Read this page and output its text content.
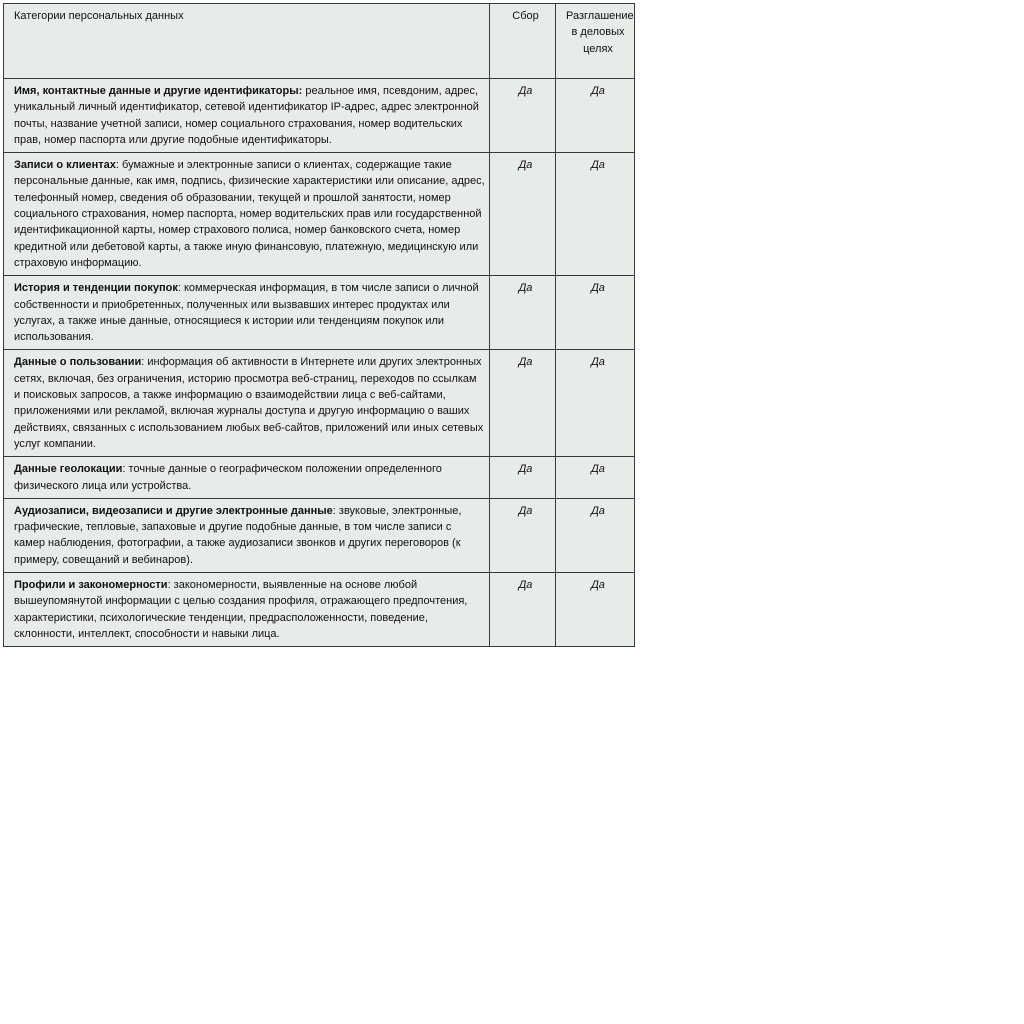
Категории персональных данных	Сбор	Разглашение в деловых целях
Имя, контактные данные и другие идентификаторы: реальное имя, псевдоним, адрес, уникальный личный идентификатор, сетевой идентификатор IP-адрес, адрес электронной почты, название учетной записи, номер социального страхования, номер водительских прав, номер паспорта или другие подобные идентификаторы.	Да	Да
Записи о клиентах: бумажные и электронные записи о клиентах, содержащие такие персональные данные, как имя, подпись, физические характеристики или описание, адрес, телефонный номер, сведения об образовании, текущей и прошлой занятости, номер социального страхования, номер паспорта, номер водительских прав или государственной идентификационной карты, номер страхового полиса, номер банковского счета, номер кредитной или дебетовой карты, а также иную финансовую, платежную, медицинскую или страховую информацию.	Да	Да
История и тенденции покупок: коммерческая информация, в том числе записи о личной собственности и приобретенных, полученных или вызвавших интерес продуктах или услугах, а также иные данные, относящиеся к истории или тенденциям покупок или использования.	Да	Да
Данные о пользовании: информация об активности в Интернете или других электронных сетях, включая, без ограничения, историю просмотра веб-страниц, переходов по ссылкам и поисковых запросов, а также информацию о взаимодействии лица с веб-сайтами, приложениями или рекламой, включая журналы доступа и другую информацию о ваших действиях, связанных с использованием любых веб-сайтов, приложений или иных сетевых услуг компании.	Да	Да
Данные геолокации: точные данные о географическом положении определенного физического лица или устройства.	Да	Да
Аудиозаписи, видеозаписи и другие электронные данные: звуковые, электронные, графические, тепловые, запаховые и другие подобные данные, в том числе записи с камер наблюдения, фотографии, а также аудиозаписи звонков и других переговоров (к примеру, совещаний и вебинаров).	Да	Да
Профили и закономерности: закономерности, выявленные на основе любой вышеупомянутой информации с целью создания профиля, отражающего предпочтения, характеристики, психологические тенденции, предрасположенности, поведение, склонности, интеллект, способности и навыки лица.	Да	Да
